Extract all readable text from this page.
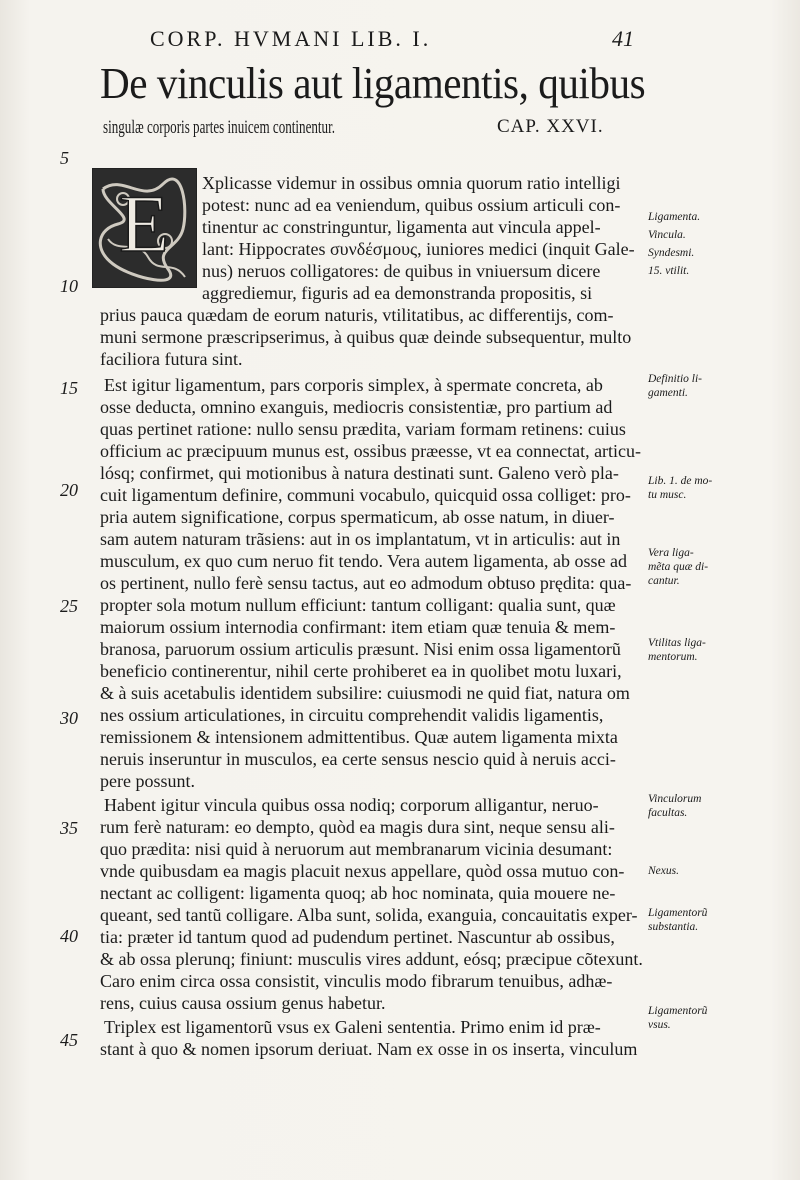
CORP. HVMANI LIB. I.	41
De vinculis aut ligamentis, quibus
singulæ corporis partes inuicem continentur.	CAP. XXVI.
E
5
10
15
20
25
30
35
40
45
Xplicasse videmur in ossibus omnia quorum ratio intelligi
potest: nunc ad ea veniendum, quibus ossium articuli con-
tinentur ac constringuntur, ligamenta aut vincula appel-
lant: Hippocrates συνδέσμους, iuniores medici (inquit Gale-
nus) neruos colligatores: de quibus in vniuersum dicere
aggrediemur, figuris ad ea demonstranda propositis, si
prius pauca quædam de eorum naturis, vtilitatibus, ac differentijs, com-
muni sermone præscripserimus, à quibus quæ deinde subsequentur, multo
faciliora futura sint.
Est igitur ligamentum, pars corporis simplex, à spermate concreta, ab
osse deducta, omnino exanguis, mediocris consistentiæ, pro partium ad
quas pertinet ratione: nullo sensu prædita, variam formam retinens: cuius
officium ac præcipuum munus est, ossibus præesse, vt ea connectat, articu-
lósq; confirmet, qui motionibus à natura destinati sunt. Galeno verò pla-
cuit ligamentum definire, communi vocabulo, quicquid ossa colliget: pro-
pria autem significatione, corpus spermaticum, ab osse natum, in diuer-
sam autem naturam trãsiens: aut in os implantatum, vt in articulis: aut in
musculum, ex quo cum neruo fit tendo. Vera autem ligamenta, ab osse ad
os pertinent, nullo ferè sensu tactus, aut eo admodum obtuso prędita: qua-
propter sola motum nullum efficiunt: tantum colligant: qualia sunt, quæ
maiorum ossium internodia confirmant: item etiam quæ tenuia & mem-
branosa, paruorum ossium articulis præsunt. Nisi enim ossa ligamentorũ
beneficio continerentur, nihil certe prohiberet ea in quolibet motu luxari,
& à suis acetabulis identidem subsilire: cuiusmodi ne quid fiat, natura om
nes ossium articulationes, in circuitu comprehendit validis ligamentis,
remissionem & intensionem admittentibus. Quæ autem ligamenta mixta
neruis inseruntur in musculos, ea certe sensus nescio quid à neruis acci-
pere possunt.
Habent igitur vincula quibus ossa nodiq; corporum alligantur, neruo-
rum ferè naturam: eo dempto, quòd ea magis dura sint, neque sensu ali-
quo prædita: nisi quid à neruorum aut membranarum vicinia desumant:
vnde quibusdam ea magis placuit nexus appellare, quòd ossa mutuo con-
nectant ac colligent: ligamenta quoq; ab hoc nominata, quia mouere ne-
queant, sed tantũ colligare. Alba sunt, solida, exanguia, concauitatis exper-
tia: præter id tantum quod ad pudendum pertinet. Nascuntur ab ossibus,
& ab ossa plerunq; finiunt: musculis vires addunt, eósq; præcipue cõtexunt.
Caro enim circa ossa consistit, vinculis modo fibrarum tenuibus, adhæ-
rens, cuius causa ossium genus habetur.
Triplex est ligamentorũ vsus ex Galeni sententia. Primo enim id præ-
stant à quo & nomen ipsorum deriuat. Nam ex osse in os inserta, vinculum
Ligamenta.
Vincula.
Syndesmi.
15. vtilit.
Definitio li-gamenti.
Lib. 1. de mo-tu musc.
Vera liga-mẽta quæ di-cantur.
Vtilitas liga-mentorum.
Vinculorum facultas.
Nexus.
Ligamentorũ substantia.
Ligamentorũ vsus.
